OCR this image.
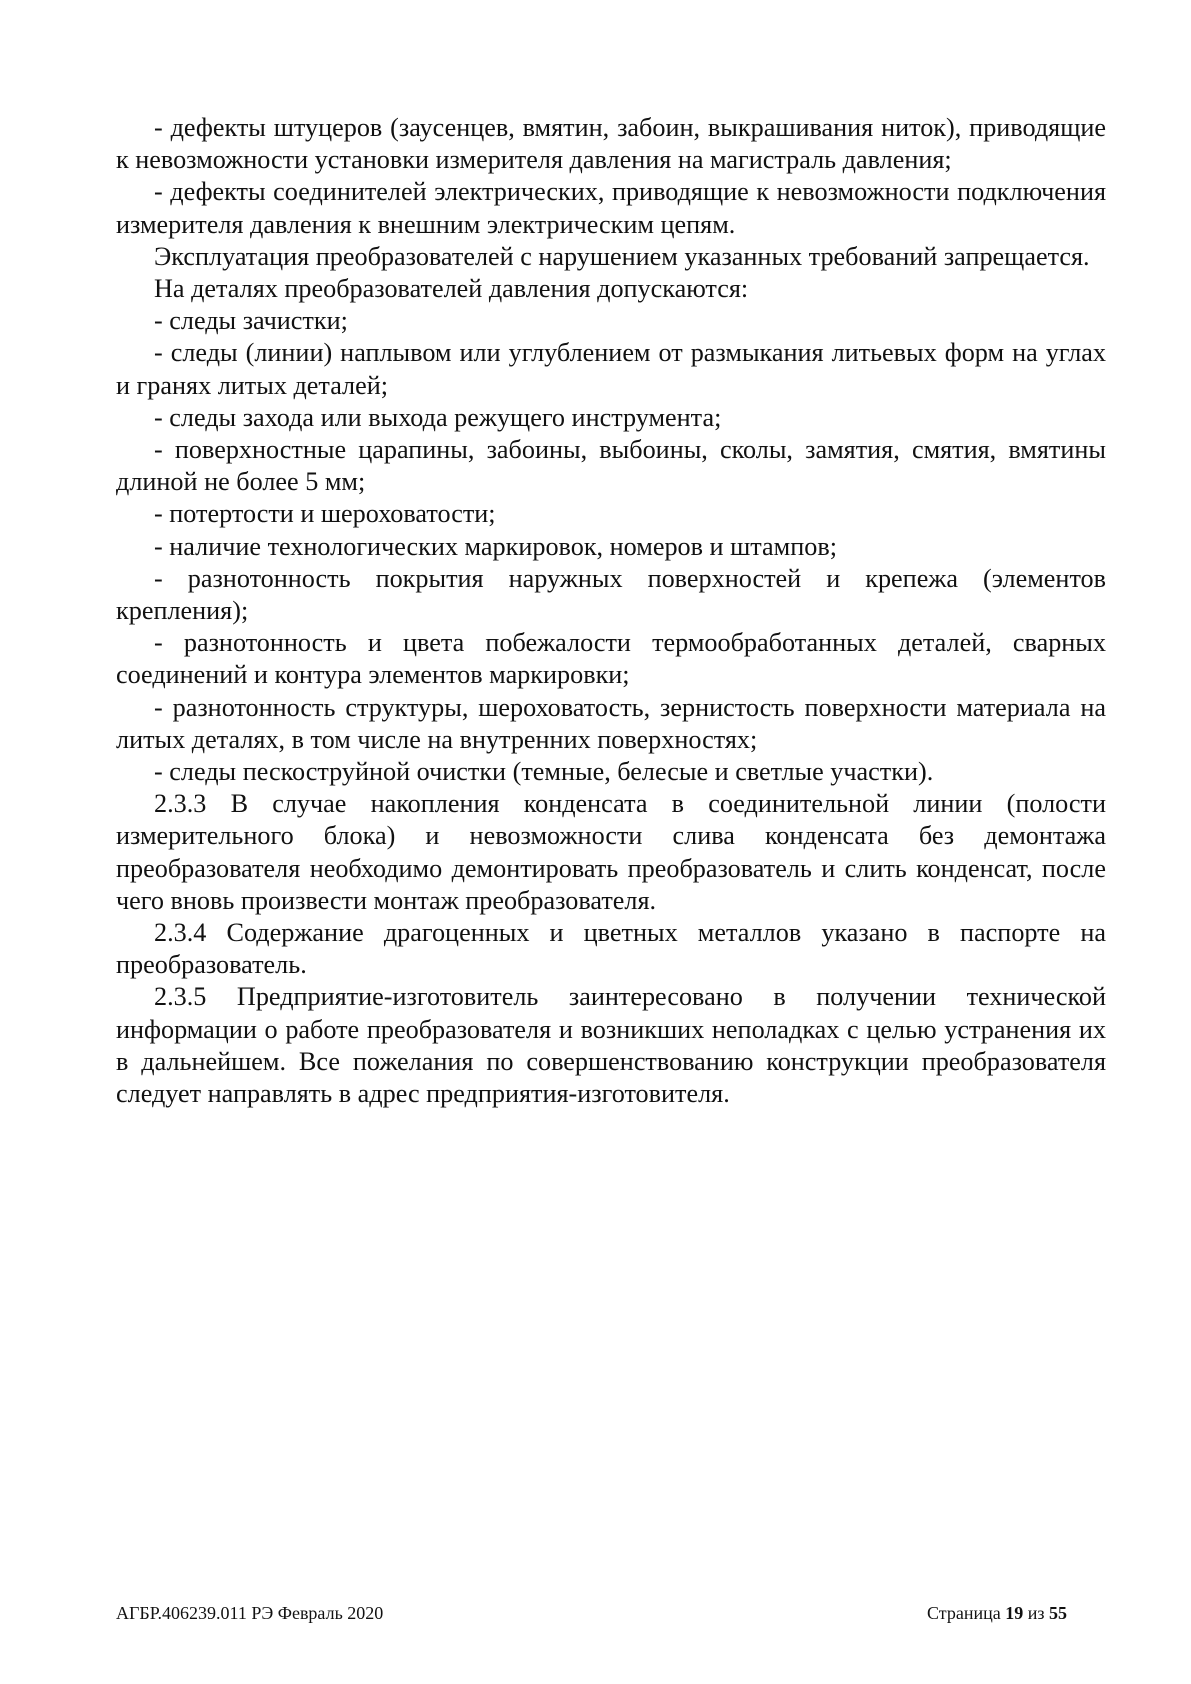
- дефекты штуцеров (заусенцев, вмятин, забоин, выкрашивания ниток), приводящие к невозможности установки измерителя давления на магистраль давления;

- дефекты соединителей электрических, приводящие к невозможности подключения измерителя давления к внешним электрическим цепям.

Эксплуатация преобразователей с нарушением указанных требований запрещается.

На деталях преобразователей давления допускаются:

- следы зачистки;

- следы (линии) наплывом или углублением от размыкания литьевых форм на углах и гранях литых деталей;

- следы захода или выхода режущего инструмента;

- поверхностные царапины, забоины, выбоины, сколы, замятия, смятия, вмятины длиной не более 5 мм;

- потертости и шероховатости;

- наличие технологических маркировок, номеров и штампов;

- разнотонность покрытия наружных поверхностей и крепежа (элементов крепления);

- разнотонность и цвета побежалости термообработанных деталей, сварных соединений и контура элементов маркировки;

- разнотонность структуры, шероховатость, зернистость поверхности материала на литых деталях, в том числе на внутренних поверхностях;

- следы пескоструйной очистки (темные, белесые и светлые участки).

2.3.3 В случае накопления конденсата в соединительной линии (полости измерительного блока) и невозможности слива конденсата без демонтажа преобразователя необходимо демонтировать преобразователь и слить конденсат, после чего вновь произвести монтаж преобразователя.

2.3.4 Содержание драгоценных и цветных металлов указано в паспорте на преобразователь.

2.3.5 Предприятие-изготовитель заинтересовано в получении технической информации о работе преобразователя и возникших неполадках с целью устранения их в дальнейшем. Все пожелания по совершенствованию конструкции преобразователя следует направлять в адрес предприятия-изготовителя.

АГБР.406239.011 РЭ Февраль 2020	Страница 19 из 55
